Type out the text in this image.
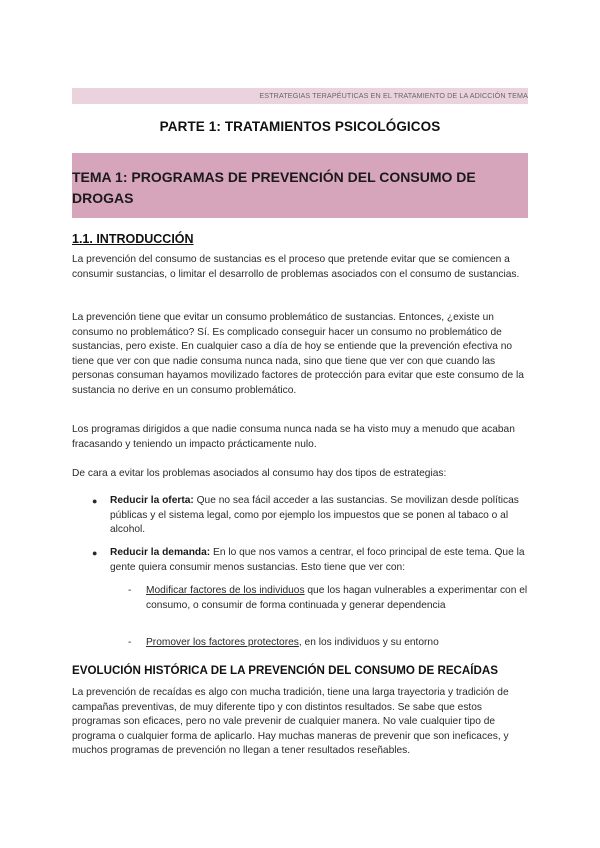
ESTRATEGIAS TERAPÉUTICAS EN EL TRATAMIENTO DE LA ADICCIÓN TEMA
PARTE 1: TRATAMIENTOS PSICOLÓGICOS
TEMA 1: PROGRAMAS DE PREVENCIÓN DEL CONSUMO DE DROGAS
1.1. INTRODUCCIÓN

La prevención del consumo de sustancias es el proceso que pretende evitar que se comiencen a consumir sustancias, o limitar el desarrollo de problemas asociados con el consumo de sustancias.

La prevención tiene que evitar un consumo problemático de sustancias. Entonces, ¿existe un consumo no problemático? Sí. Es complicado conseguir hacer un consumo no problemático de sustancias, pero existe. En cualquier caso a día de hoy se entiende que la prevención efectiva no tiene que ver con que nadie consuma nunca nada, sino que tiene que ver con que cuando las personas consuman hayamos movilizado factores de protección para evitar que este consumo de la sustancia no derive en un consumo problemático.

Los programas dirigidos a que nadie consuma nunca nada se ha visto muy a menudo que acaban fracasando y teniendo un impacto prácticamente nulo.

De cara a evitar los problemas asociados al consumo hay dos tipos de estrategias:

● Reducir la oferta: Que no sea fácil acceder a las sustancias. Se movilizan desde políticas públicas y el sistema legal, como por ejemplo los impuestos que se ponen al tabaco o al alcohol.
● Reducir la demanda: En lo que nos vamos a centrar, el foco principal de este tema. Que la gente quiera consumir menos sustancias. Esto tiene que ver con:
- Modificar factores de los individuos que los hagan vulnerables a experimentar con el consumo, o consumir de forma continuada y generar dependencia
- Promover los factores protectores, en los individuos y su entorno
EVOLUCIÓN HISTÓRICA DE LA PREVENCIÓN DEL CONSUMO DE RECAÍDAS

La prevención de recaídas es algo con mucha tradición, tiene una larga trayectoria y tradición de campañas preventivas, de muy diferente tipo y con distintos resultados. Se sabe que estos programas son eficaces, pero no vale prevenir de cualquier manera. No vale cualquier tipo de programa o cualquier forma de aplicarlo. Hay muchas maneras de prevenir que son ineficaces, y muchos programas de prevención no llegan a tener resultados reseñables.
